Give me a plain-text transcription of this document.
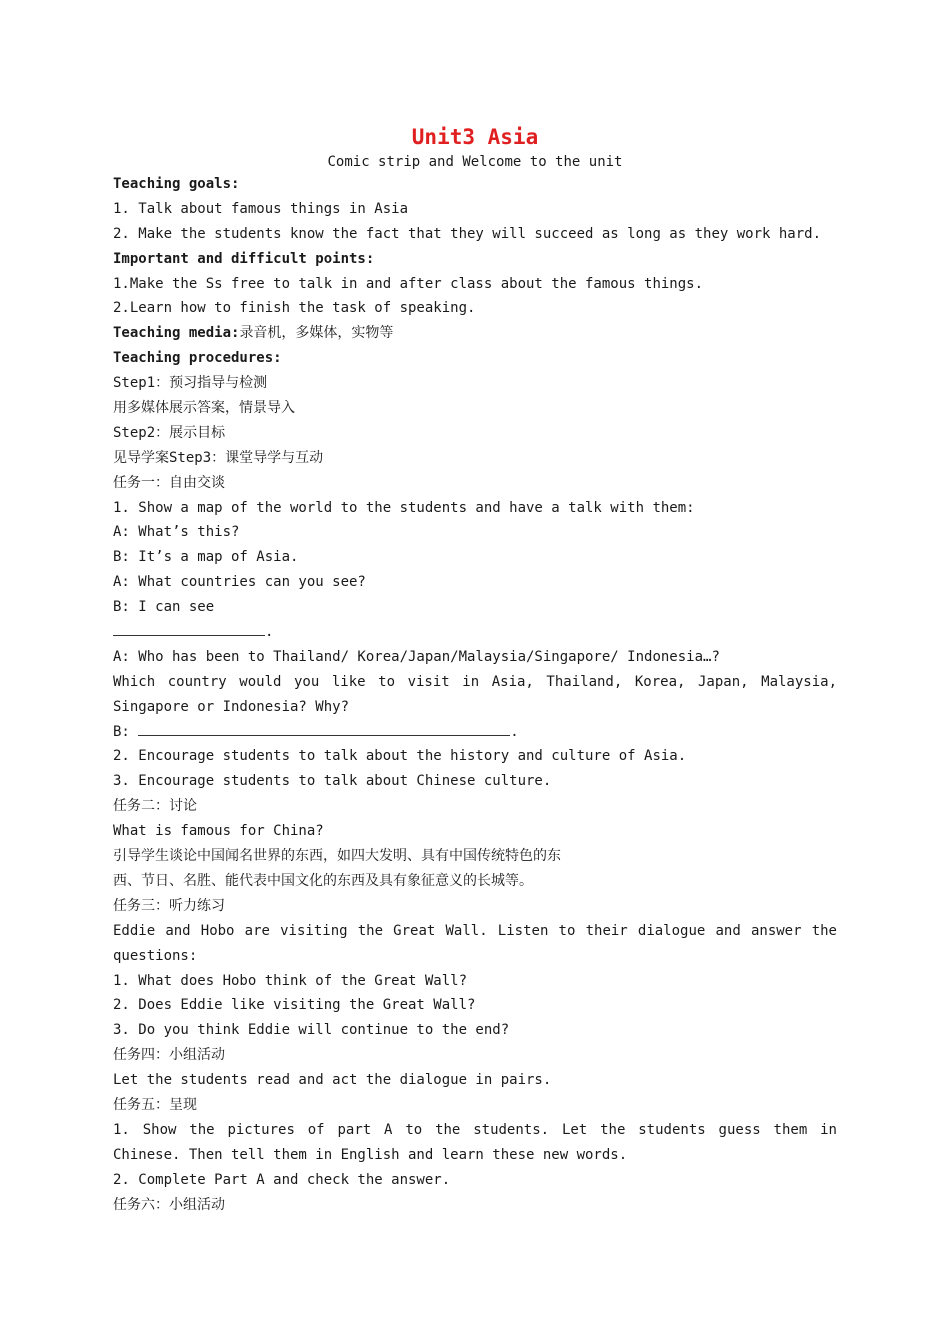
Unit3 Asia
Comic strip and Welcome to the unit
Teaching goals:
1. Talk about famous things in Asia
2. Make the students know the fact that they will succeed as long as they work hard.
Important and difficult points:
1.Make the Ss free to talk in and after class about the famous things.
2.Learn how to finish the task of speaking.
Teaching media:录音机，多媒体，实物等
Teaching procedures:
Step1：预习指导与检测
用多媒体展示答案，情景导入
Step2：展示目标
见导学案Step3：课堂导学与互动
任务一：自由交谈
1. Show a map of the world to the students and have a talk with them:
A: What’s this?
B: It’s a map of Asia.
A: What countries can you see?
B: I can see
.
A: Who has been to Thailand/ Korea/Japan/Malaysia/Singapore/ Indonesia…?
Which country would you like to visit in Asia, Thailand, Korea, Japan, Malaysia,
Singapore or Indonesia? Why?
B:	.
2. Encourage students to talk about the history and culture of Asia.
3. Encourage students to talk about Chinese culture.
任务二：讨论
What is famous for China?
引导学生谈论中国闻名世界的东西，如四大发明、具有中国传统特色的东
西、节日、名胜、能代表中国文化的东西及具有象征意义的长城等。
任务三：听力练习
Eddie and Hobo are visiting the Great Wall. Listen to their dialogue and answer the
questions:
1. What does Hobo think of the Great Wall?
2. Does Eddie like visiting the Great Wall?
3. Do you think Eddie will continue to the end?
任务四：小组活动
Let the students read and act the dialogue in pairs.
任务五：呈现
1. Show the pictures of part A to the students. Let the students guess them in
Chinese. Then tell them in English and learn these new words.
2. Complete Part A and check the answer.
任务六：小组活动
